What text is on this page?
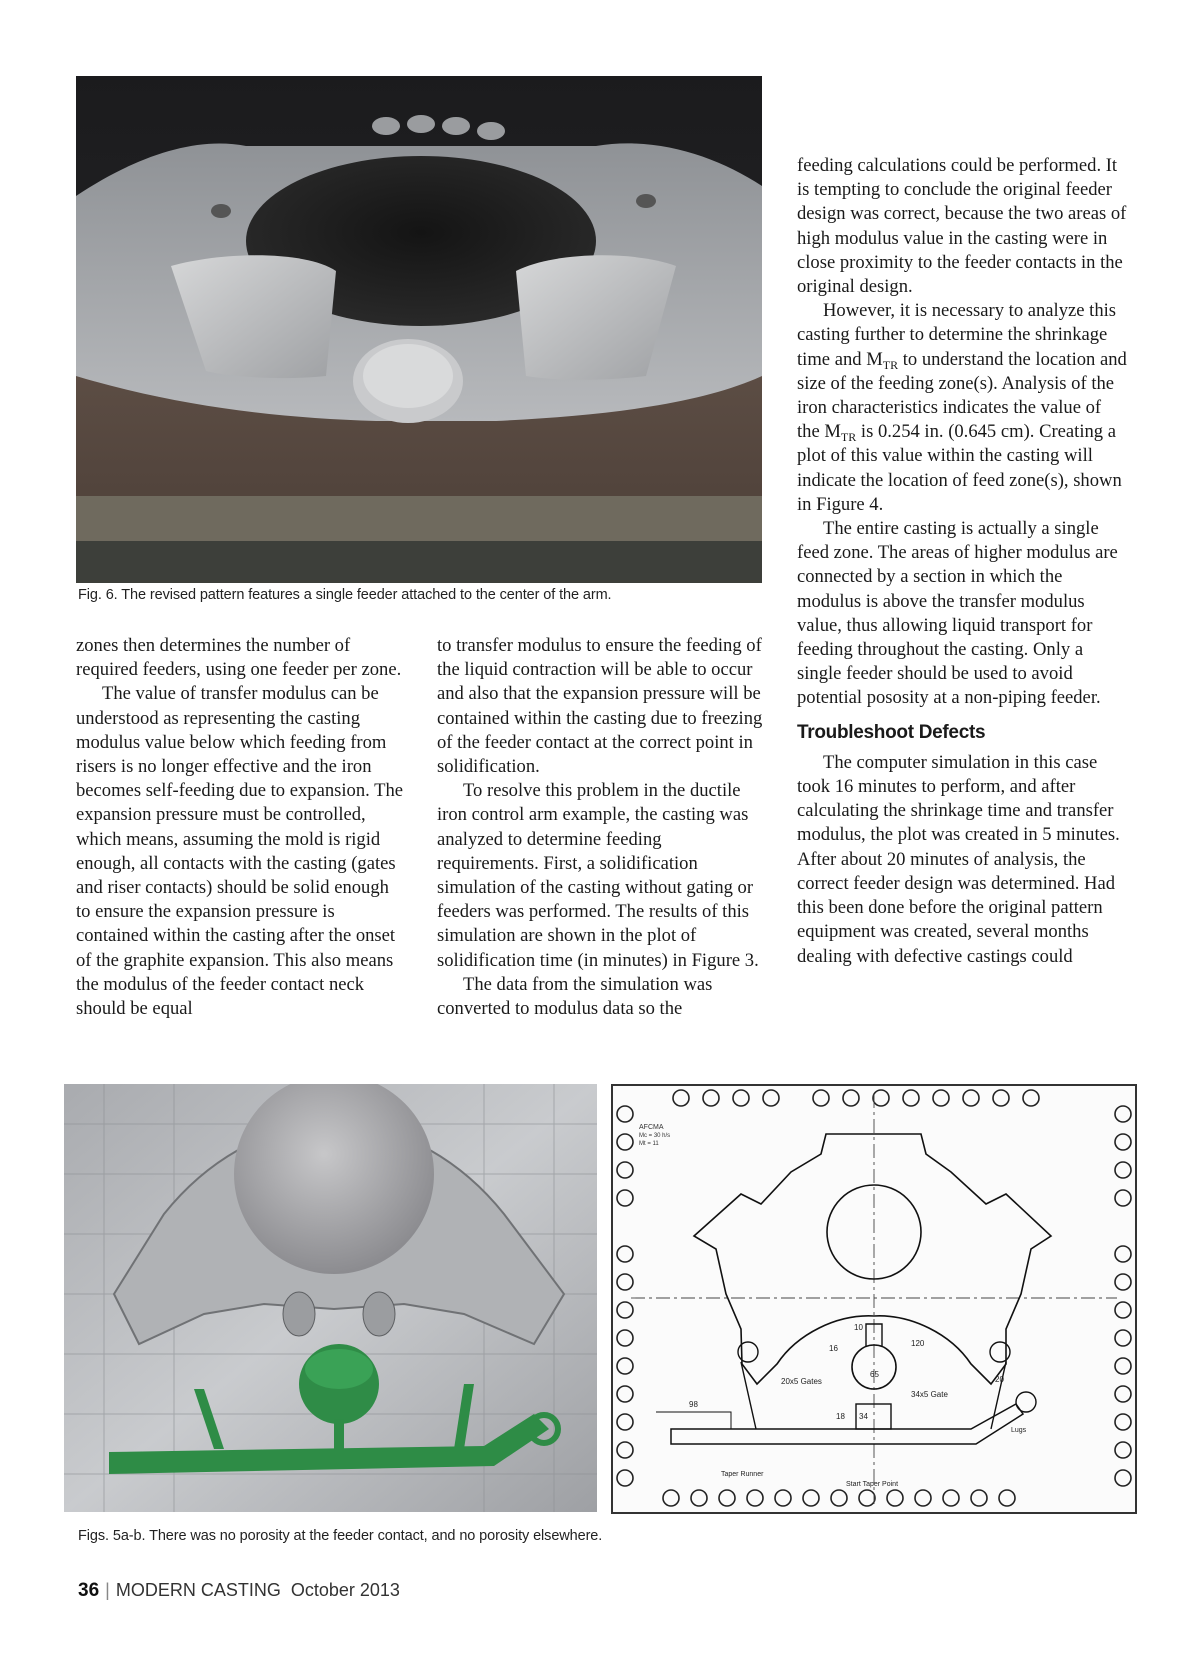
Fig. 6. The revised pattern features a single feeder attached to the center of the arm.

zones then determines the number of required feeders, using one feeder per zone.

The value of transfer modulus can be understood as representing the casting modulus value below which feeding from risers is no longer effective and the iron becomes self-feeding due to expansion. The expansion pressure must be controlled, which means, assuming the mold is rigid enough, all contacts with the casting (gates and riser contacts) should be solid enough to ensure the expansion pressure is contained within the casting after the onset of the graphite expansion. This also means the modulus of the feeder contact neck should be equal

to transfer modulus to ensure the feeding of the liquid contraction will be able to occur and also that the expansion pressure will be contained within the casting due to freezing of the feeder contact at the correct point in solidification.

To resolve this problem in the ductile iron control arm example, the casting was analyzed to determine feeding requirements. First, a solidification simulation of the casting without gating or feeders was performed. The results of this simulation are shown in the plot of solidification time (in minutes) in Figure 3.

The data from the simulation was converted to modulus data so the

feeding calculations could be performed. It is tempting to conclude the original feeder design was correct, because the two areas of high modulus value in the casting were in close proximity to the feeder contacts in the original design.

However, it is necessary to analyze this casting further to determine the shrinkage time and $M_{TR}$ to understand the location and size of the feeding zone(s). Analysis of the iron characteristics indicates the value of the $M_{TR}$ is 0.254 in. (0.645 cm). Creating a plot of this value within the casting will indicate the location of feed zone(s), shown in Figure 4.

The entire casting is actually a single feed zone. The areas of higher modulus are connected by a section in which the modulus is above the transfer modulus value, thus allowing liquid transport for feeding throughout the casting. Only a single feeder should be used to avoid potential pososity at a non-piping feeder.

Troubleshoot Defects

The computer simulation in this case took 16 minutes to perform, and after calculating the shrinkage time and transfer modulus, the plot was created in 5 minutes. After about 20 minutes of analysis, the correct feeder design was determined. Had this been done before the original pattern equipment was created, several months dealing with defective castings could

AFCMA
Mc = 30 h/s
Mt = 11
10
65
120
16
20x5 Gates
34x5 Gate
20
98
Taper Runner
Start Taper Point
Lugs
18 34
Figs. 5a-b. There was no porosity at the feeder contact, and no porosity elsewhere.
36 | MODERN CASTING October 2013
